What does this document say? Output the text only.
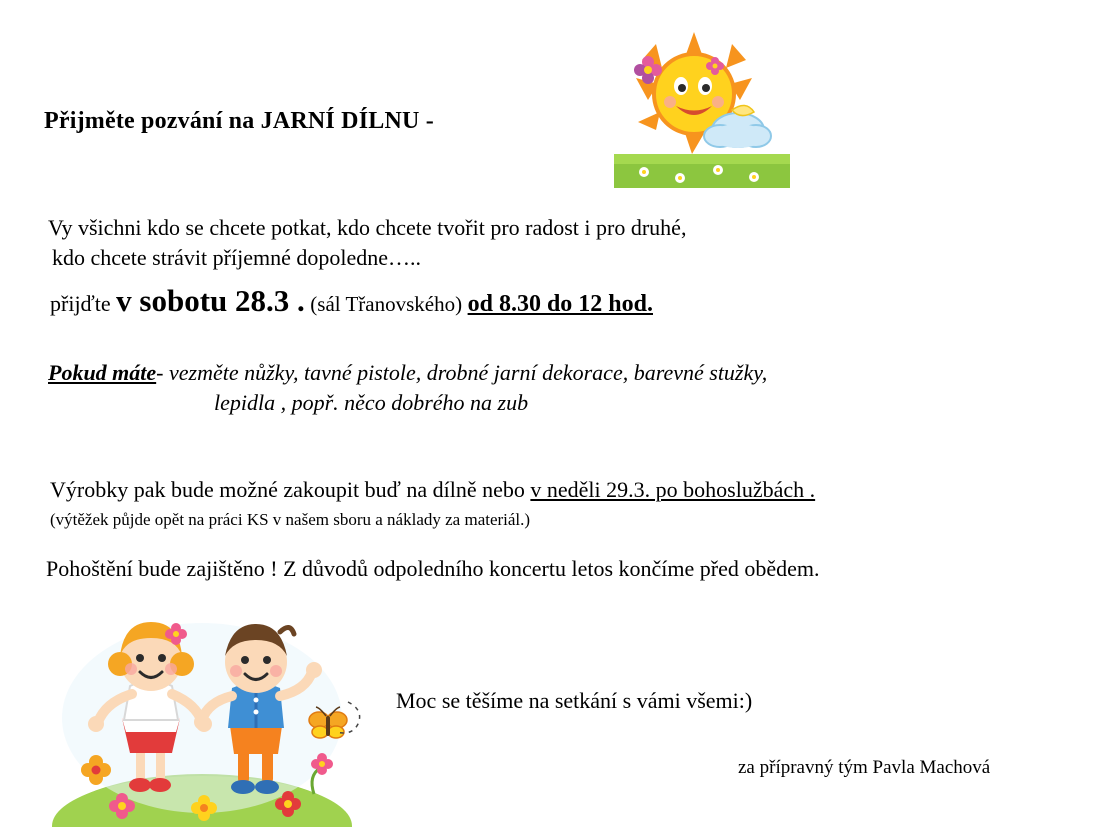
Přijměte pozvání na JARNÍ DÍLNU -
Vy všichni kdo se chcete potkat, kdo chcete tvořit pro radost i pro druhé,
kdo chcete strávit příjemné dopoledne…..
přijďte v sobotu 28.3 . (sál Třanovského) od 8.30 do 12 hod.
Pokud máte- vezměte nůžky, tavné pistole, drobné jarní dekorace, barevné stužky,
lepidla , popř. něco dobrého na zub
Výrobky pak bude možné zakoupit buď na dílně nebo v neděli 29.3. po bohoslužbách .
(výtěžek půjde opět na práci KS v našem sboru a náklady za materiál.)
Pohoštění bude zajištěno ! Z důvodů odpoledního koncertu letos končíme před obědem.
Moc se těšíme na setkání s vámi všemi:)
za přípravný tým Pavla Machová
